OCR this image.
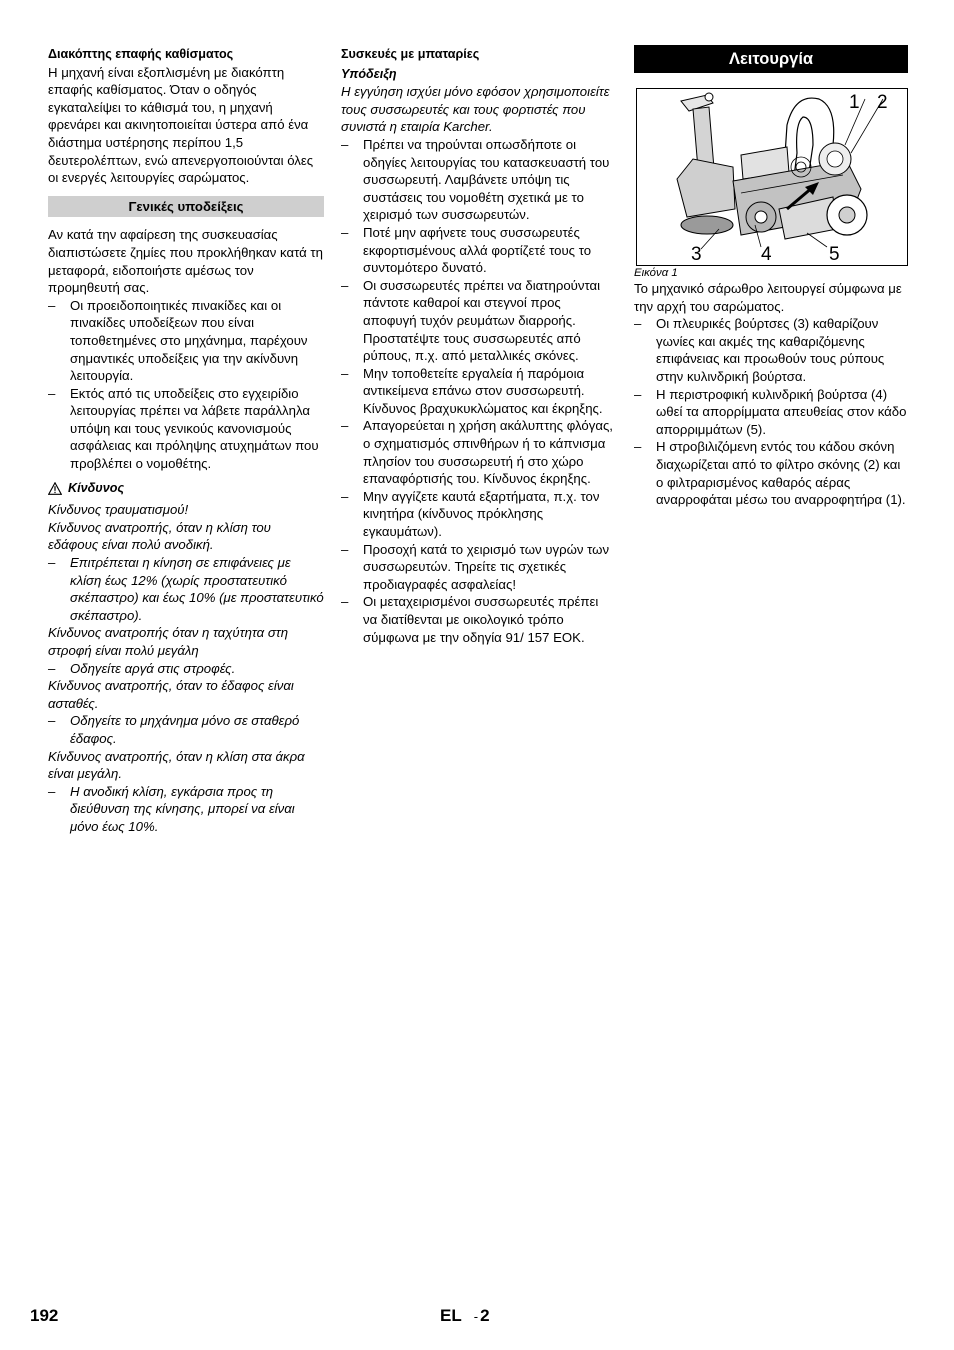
Διακόπτης επαφής καθίσματος

Η μηχανή είναι εξοπλισμένη με διακόπτη επαφής καθίσματος. Όταν ο οδηγός εγκαταλείψει το κάθισμά του, η μηχανή φρενάρει και ακινητοποιείται ύστερα από ένα διάστημα υστέρησης περίπου 1,5 δευτερολέπτων, ενώ απενεργοποιούνται όλες οι ενεργές λειτουργίες σαρώματος.

Γενικές υποδείξεις

Αν κατά την αφαίρεση της συσκευασίας διαπιστώσετε ζημίες που προκλήθηκαν κατά τη μεταφορά, ειδοποιήστε αμέσως τον προμηθευτή σας.

– Οι προειδοποιητικές πινακίδες και οι πινακίδες υποδείξεων που είναι τοποθετημένες στο μηχάνημα, παρέχουν σημαντικές υποδείξεις για την ακίνδυνη λειτουργία.
– Εκτός από τις υποδείξεις στο εγχειρίδιο λειτουργίας πρέπει να λάβετε παράλληλα υπόψη και τους γενικούς κανονισμούς ασφάλειας και πρόληψης ατυχημάτων που προβλέπει ο νομοθέτης.
Κίνδυνος

Κίνδυνος τραυματισμού!

Κίνδυνος ανατροπής, όταν η κλίση του εδάφους είναι πολύ ανοδική.

– Επιτρέπεται η κίνηση σε επιφάνειες με κλίση έως 12% (χωρίς προστατευτικό σκέπαστρο) και έως 10% (με προστατευτικό σκέπαστρο).

Κίνδυνος ανατροπής όταν η ταχύτητα στη στροφή είναι πολύ μεγάλη

– Οδηγείτε αργά στις στροφές.

Κίνδυνος ανατροπής, όταν το έδαφος είναι ασταθές.

– Οδηγείτε το μηχάνημα μόνο σε σταθερό έδαφος.

Κίνδυνος ανατροπής, όταν η κλίση στα άκρα είναι μεγάλη.

– Η ανοδική κλίση, εγκάρσια προς τη διεύθυνση της κίνησης, μπορεί να είναι μόνο έως 10%.

Συσκευές με μπαταρίες

Υπόδειξη

Η εγγύηση ισχύει μόνο εφόσον χρησιμοποιείτε τους συσσωρευτές και τους φορτιστές που συνιστά η εταιρία Karcher.

– Πρέπει να τηρούνται οπωσδήποτε οι οδηγίες λειτουργίας του κατασκευαστή του συσσωρευτή. Λαμβάνετε υπόψη τις συστάσεις του νομοθέτη σχετικά με το χειρισμό των συσσωρευτών.
– Ποτέ μην αφήνετε τους συσσωρευτές εκφορτισμένους αλλά φορτίζετέ τους το συντομότερο δυνατό.
– Οι συσσωρευτές πρέπει να διατηρούνται πάντοτε καθαροί και στεγνοί προς αποφυγή τυχόν ρευμάτων διαρροής. Προστατέψτε τους συσσωρευτές από ρύπους, π.χ. από μεταλλικές σκόνες.
– Μην τοποθετείτε εργαλεία ή παρόμοια αντικείμενα επάνω στον συσσωρευτή. Κίνδυνος βραχυκυκλώματος και έκρηξης.
– Απαγορεύεται η χρήση ακάλυπτης φλόγας, ο σχηματισμός σπινθήρων ή το κάπνισμα πλησίον του συσσωρευτή ή στο χώρο επαναφόρτισής του. Κίνδυνος έκρηξης.
– Μην αγγίζετε καυτά εξαρτήματα, π.χ. τον κινητήρα (κίνδυνος πρόκλησης εγκαυμάτων).
– Προσοχή κατά το χειρισμό των υγρών των συσσωρευτών. Τηρείτε τις σχετικές προδιαγραφές ασφαλείας!
– Οι μεταχειρισμένοι συσσωρευτές πρέπει να διατίθενται με οικολογικό τρόπο σύμφωνα με την οδηγία 91/ 157 ΕΟΚ.
Λειτουργία
1 2
3	4	5

Εικόνα 1

Το μηχανικό σάρωθρο λειτουργεί σύμφωνα με την αρχή του σαρώματος.

– Οι πλευρικές βούρτσες (3) καθαρίζουν γωνίες και ακμές της καθαριζόμενης επιφάνειας και προωθούν τους ρύπους στην κυλινδρική βούρτσα.
– Η περιστροφική κυλινδρική βούρτσα (4) ωθεί τα απορρίμματα απευθείας στον κάδο απορριμμάτων (5).
– Η στροβιλιζόμενη εντός του κάδου σκόνη διαχωρίζεται από το φίλτρο σκόνης (2) και ο φιλτραρισμένος καθαρός αέρας αναρροφάται μέσω του αναρροφητήρα (1).
192	EL - 2
